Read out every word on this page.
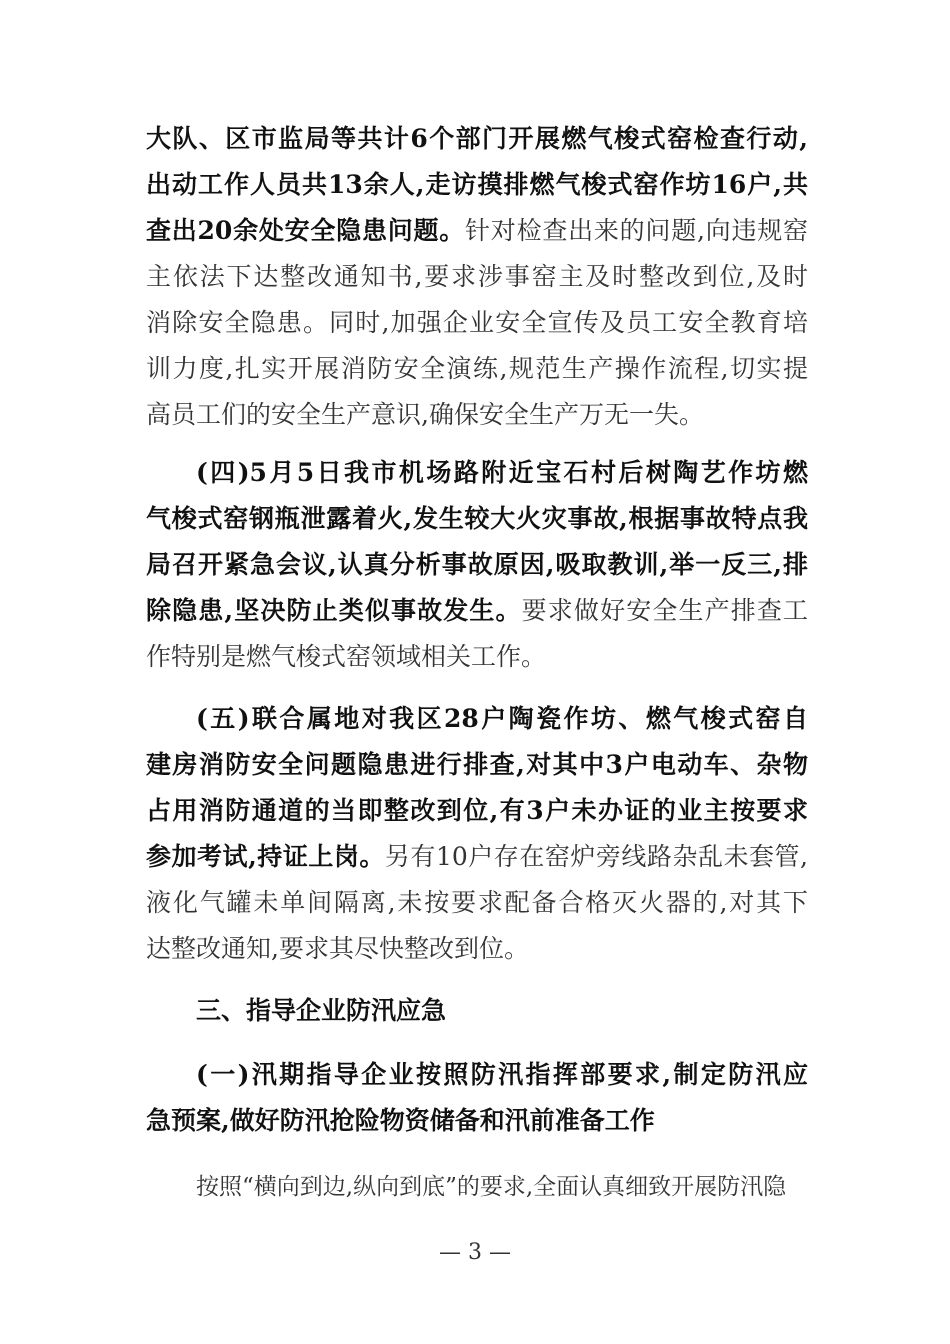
大队、区市监局等共计6个部门开展燃气梭式窑检查行动,
出动工作人员共13余人,走访摸排燃气梭式窑作坊16户,共
查出20余处安全隐患问题。针对检查出来的问题,向违规窑
主依法下达整改通知书,要求涉事窑主及时整改到位,及时
消除安全隐患。同时,加强企业安全宣传及员工安全教育培
训力度,扎实开展消防安全演练,规范生产操作流程,切实提
高员工们的安全生产意识,确保安全生产万无一失。
(四)5月5日我市机场路附近宝石村后树陶艺作坊燃
气梭式窑钢瓶泄露着火,发生较大火灾事故,根据事故特点我
局召开紧急会议,认真分析事故原因,吸取教训,举一反三,排
除隐患,坚决防止类似事故发生。要求做好安全生产排查工
作特别是燃气梭式窑领域相关工作。
(五)联合属地对我区28户陶瓷作坊、燃气梭式窑自
建房消防安全问题隐患进行排查,对其中3户电动车、杂物
占用消防通道的当即整改到位,有3户未办证的业主按要求
参加考试,持证上岗。另有10户存在窑炉旁线路杂乱未套管,
液化气罐未单间隔离,未按要求配备合格灭火器的,对其下
达整改通知,要求其尽快整改到位。
三、指导企业防汛应急
(一)汛期指导企业按照防汛指挥部要求,制定防汛应
急预案,做好防汛抢险物资储备和汛前准备工作
按照“横向到边,纵向到底”的要求,全面认真细致开展防汛隐
— 3 —
